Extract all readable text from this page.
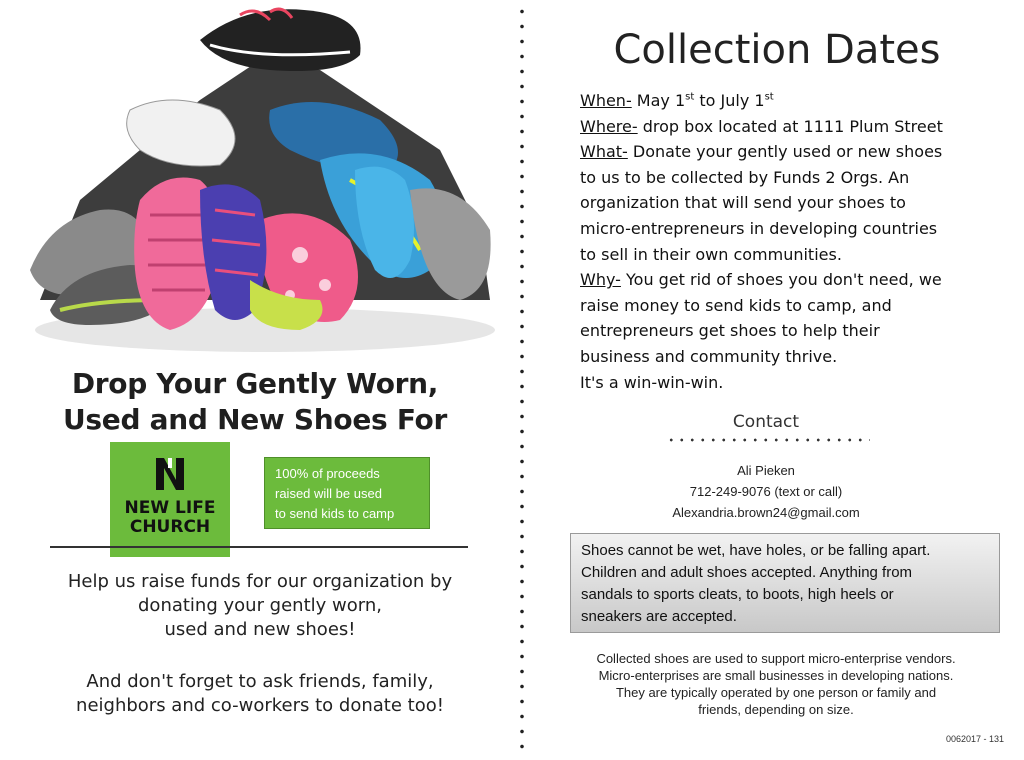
Drop Your Gently Worn,
Used and New Shoes For
NEW LIFE
CHURCH
100% of proceeds
raised will be used
to send kids to camp
Help us raise funds for our organization by
donating your gently worn,
used and new shoes!
And don't forget to ask friends, family,
neighbors and co-workers to donate too!
Collection Dates

When- May 1st to July 1st

Where- drop box located at 1111 Plum Street

What- Donate your gently used or new shoes

to us to be collected by Funds 2 Orgs. An

organization that will send your shoes to

micro-entrepreneurs in developing countries

to sell in their own communities.

Why- You get rid of shoes you don't need, we

raise money to send kids to camp, and

entrepreneurs get shoes to help their

business and community thrive.

It's a win-win-win.

Contact
Ali Pieken
712-249-9076 (text or call)
Alexandria.brown24@gmail.com
Shoes cannot be wet, have holes, or be falling apart.
Children and adult shoes accepted. Anything from
sandals to sports cleats, to boots, high heels or
sneakers are accepted.
Collected shoes are used to support micro-enterprise vendors.
Micro-enterprises are small businesses in developing nations.
They are typically operated by one person or family and
friends, depending on size.
0062017 - 131
